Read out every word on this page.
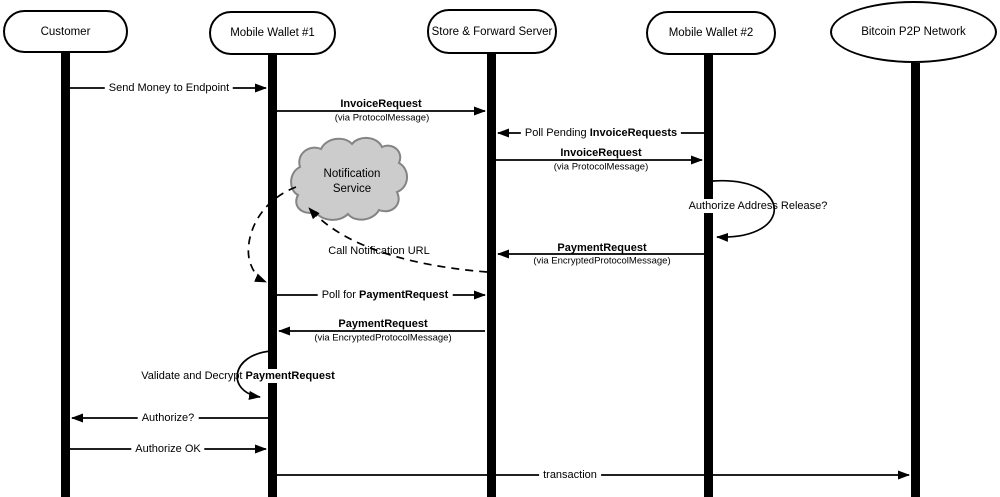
Authorize Address Release?
Validate and Decrypt PaymentRequest
Customer	Mobile Wallet #1	Store & Forward Server	Mobile Wallet #2	Bitcoin P2P Network
Notification
Service
Send Money to Endpoint
InvoiceRequest
(via ProtocolMessage)
Poll Pending InvoiceRequests
InvoiceRequest
(via ProtocolMessage)
PaymentRequest
(via EncryptedProtocolMessage)
Call Notification URL
Poll for PaymentRequest
PaymentRequest
(via EncryptedProtocolMessage)
Authorize?
Authorize OK
transaction
